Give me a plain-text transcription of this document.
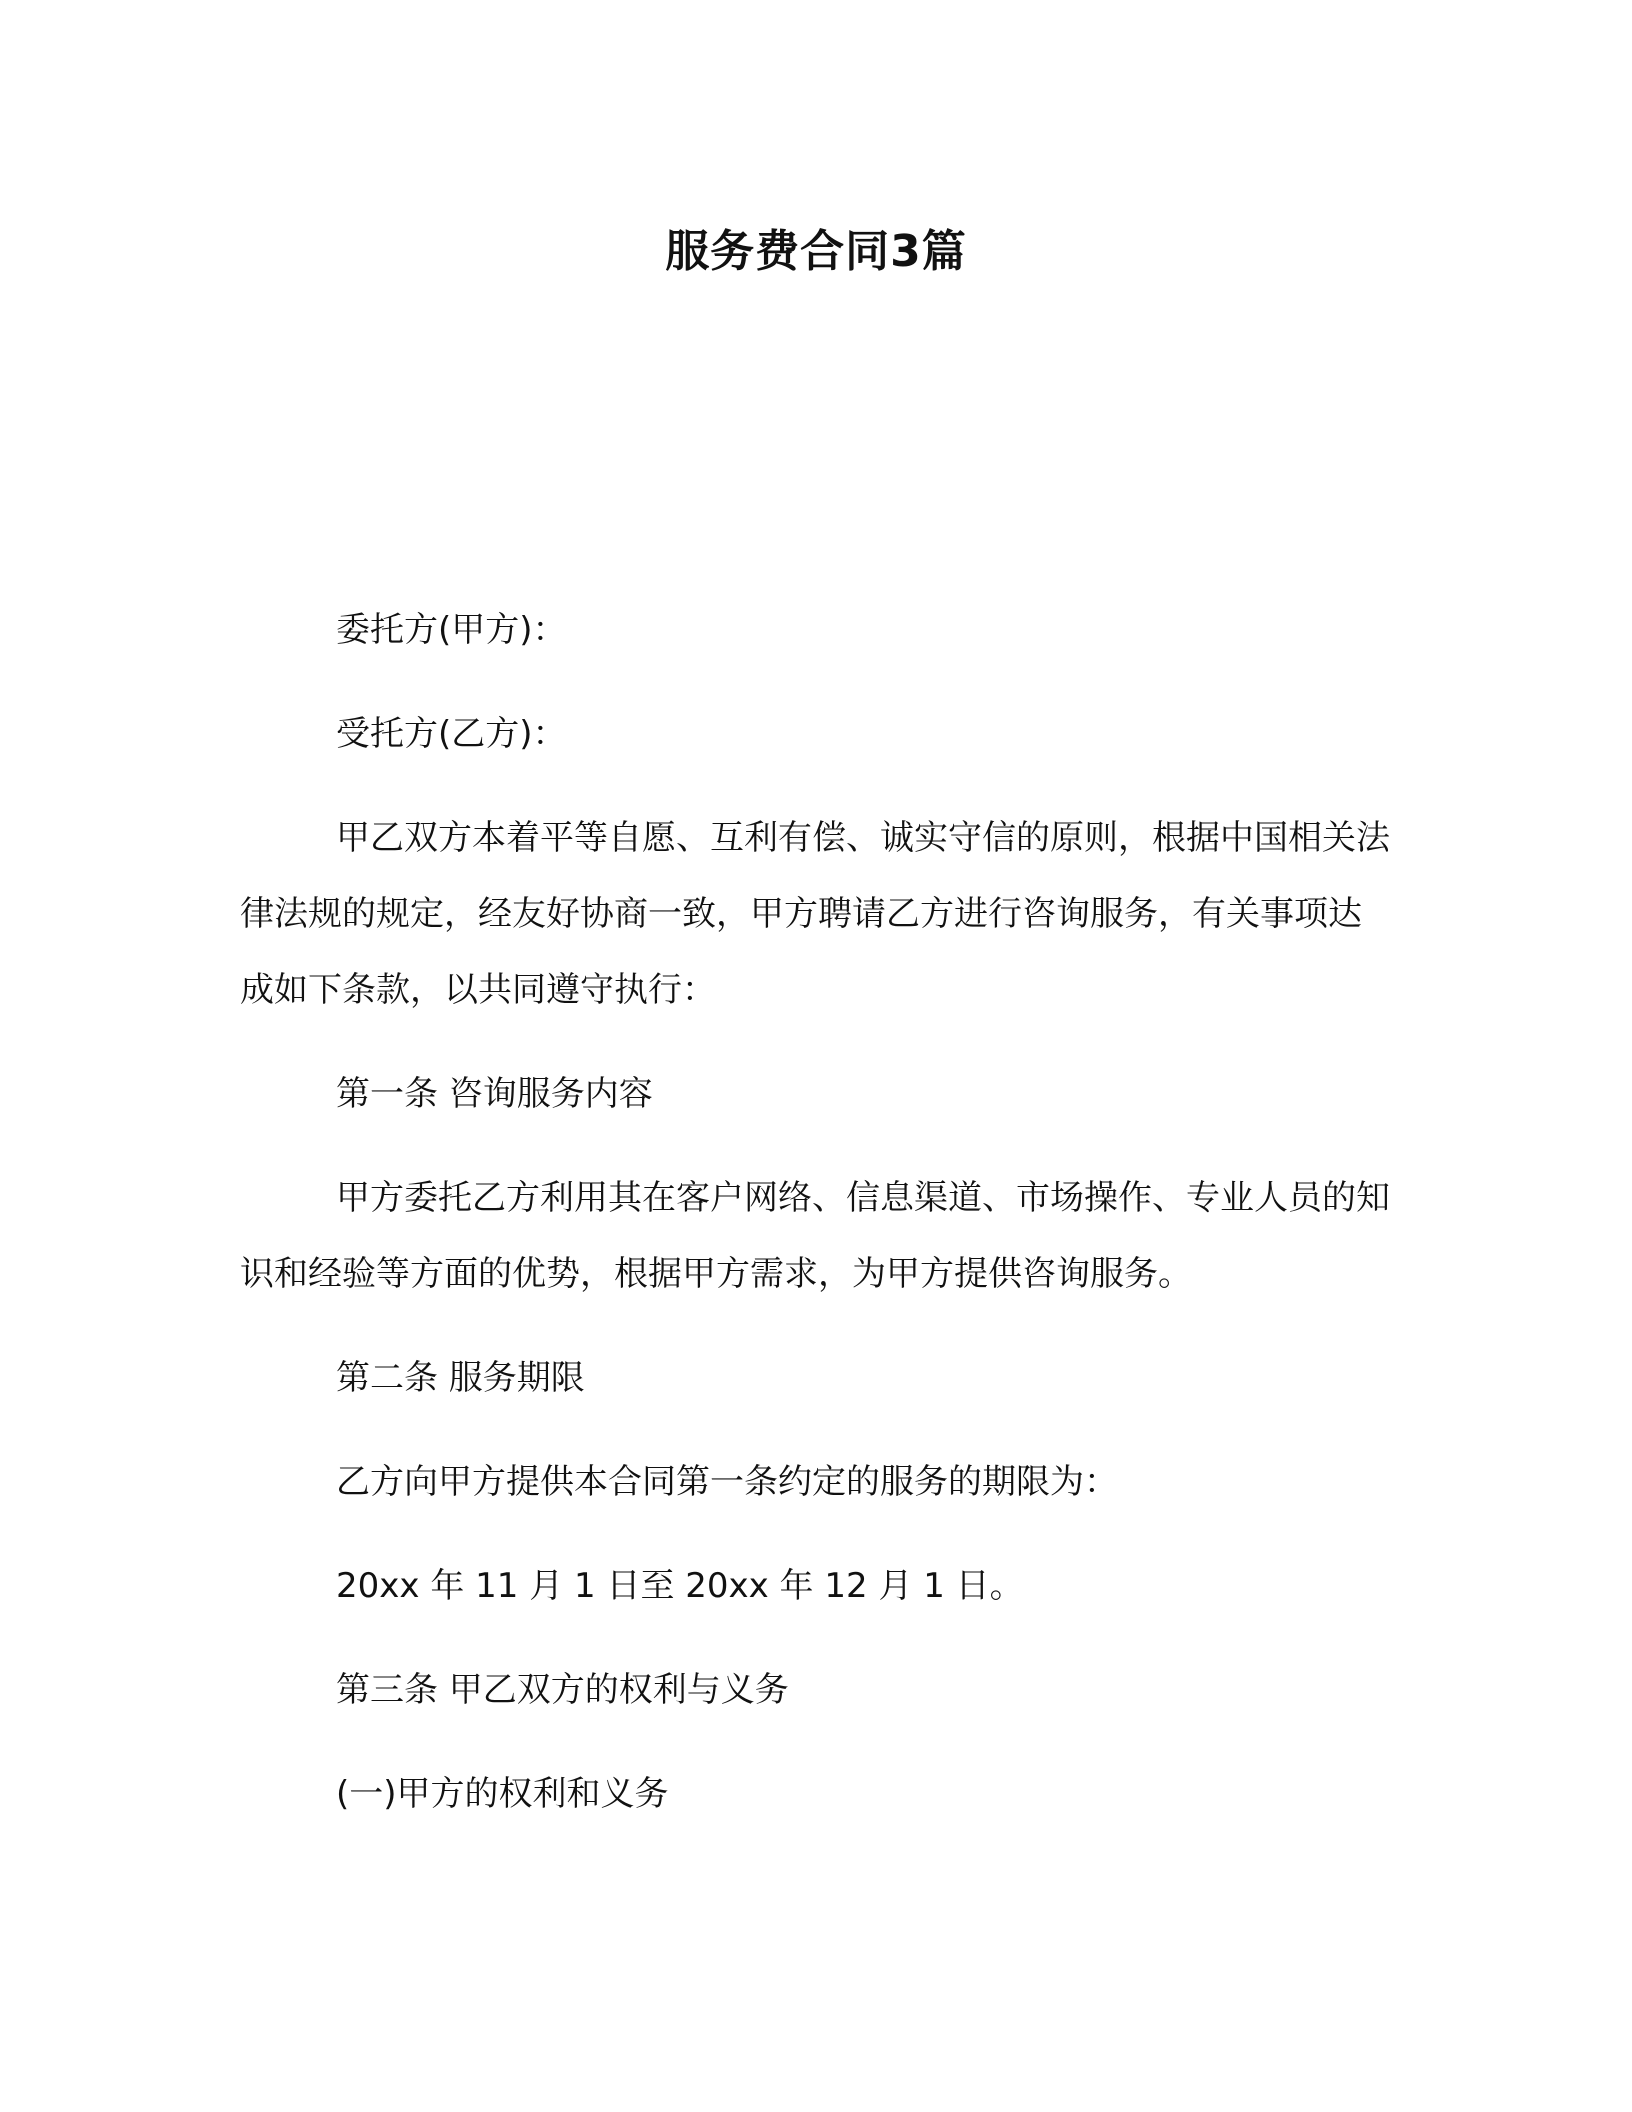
服务费合同3篇

委托方(甲方)：

受托方(乙方)：

甲乙双方本着平等自愿、互利有偿、诚实守信的原则，根据中国相关法律法规的规定，经友好协商一致，甲方聘请乙方进行咨询服务，有关事项达成如下条款，以共同遵守执行：

第一条 咨询服务内容

甲方委托乙方利用其在客户网络、信息渠道、市场操作、专业人员的知识和经验等方面的优势，根据甲方需求，为甲方提供咨询服务。

第二条 服务期限

乙方向甲方提供本合同第一条约定的服务的期限为：

20xx 年 11 月 1 日至 20xx 年 12 月 1 日。

第三条 甲乙双方的权利与义务

(一)甲方的权利和义务
